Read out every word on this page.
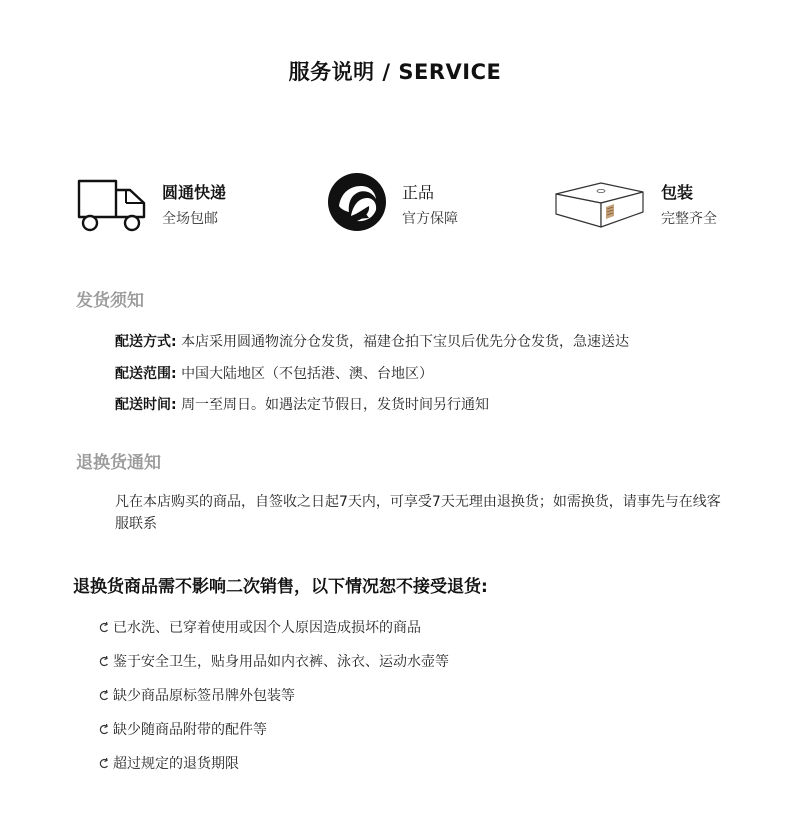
服务说明 / SERVICE
圆通快递
全场包邮
正品
官方保障
包装
完整齐全
发货须知
配送方式: 本店采用圆通物流分仓发货，福建仓拍下宝贝后优先分仓发货，急速送达
配送范围: 中国大陆地区（不包括港、澳、台地区）
配送时间: 周一至周日。如遇法定节假日，发货时间另行通知
退换货通知
凡在本店购买的商品，自签收之日起7天内，可享受7天无理由退换货；如需换货，请事先与在线客服联系
退换货商品需不影响二次销售，以下情况恕不接受退货:
已水洗、已穿着使用或因个人原因造成损坏的商品
鉴于安全卫生，贴身用品如内衣裤、泳衣、运动水壶等
缺少商品原标签吊牌外包装等
缺少随商品附带的配件等
超过规定的退货期限
